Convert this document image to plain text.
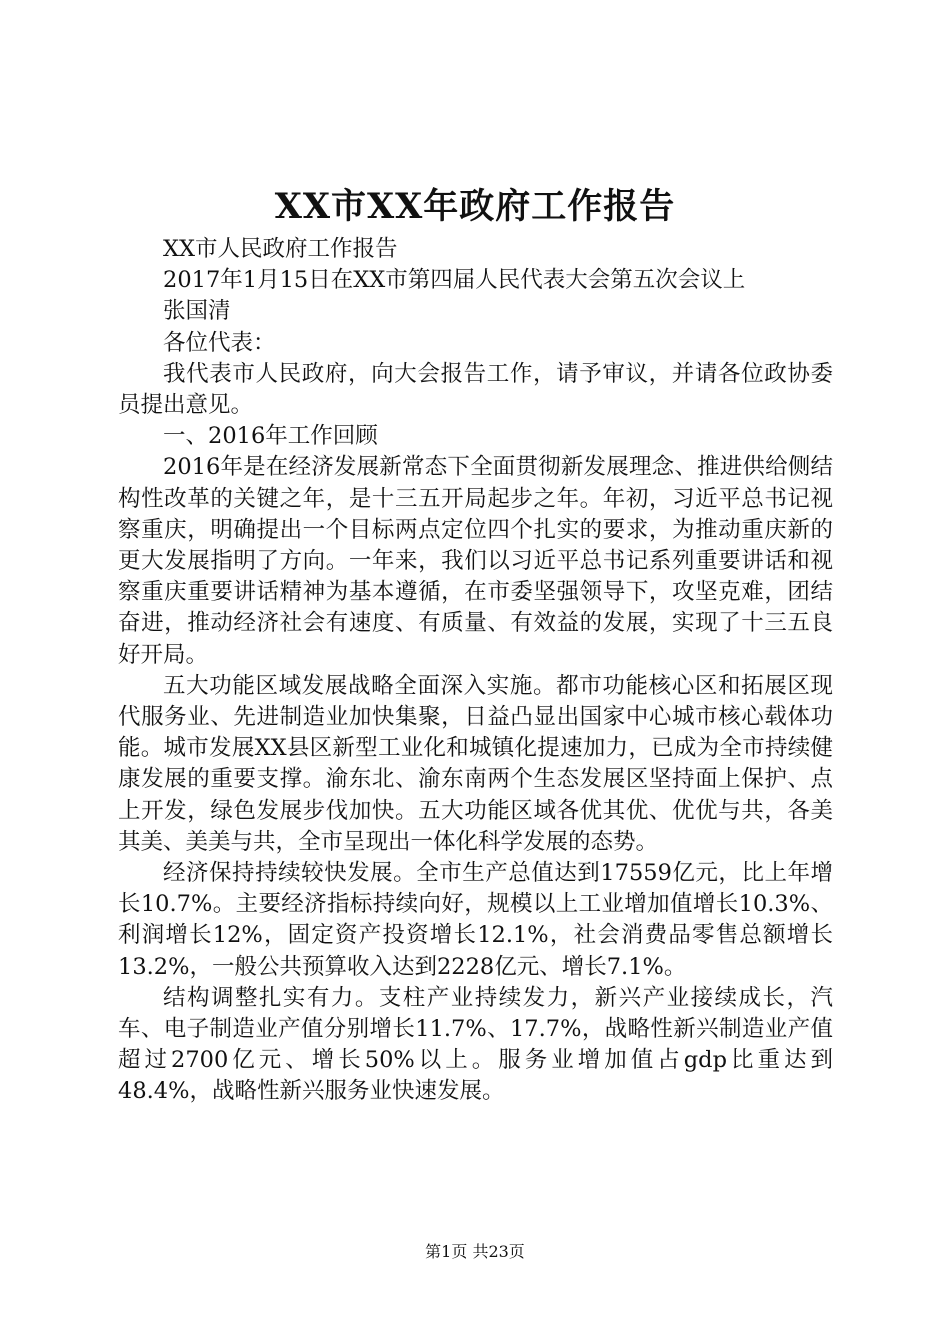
XX市XX年政府工作报告

XX市人民政府工作报告

2017年1月15日在XX市第四届人民代表大会第五次会议上

张国清

各位代表：

我代表市人民政府，向大会报告工作，请予审议，并请各位政协委员提出意见。

一、2016年工作回顾

2016年是在经济发展新常态下全面贯彻新发展理念、推进供给侧结构性改革的关键之年，是十三五开局起步之年。年初，习近平总书记视察重庆，明确提出一个目标两点定位四个扎实的要求，为推动重庆新的更大发展指明了方向。一年来，我们以习近平总书记系列重要讲话和视察重庆重要讲话精神为基本遵循，在市委坚强领导下，攻坚克难，团结奋进，推动经济社会有速度、有质量、有效益的发展，实现了十三五良好开局。

五大功能区域发展战略全面深入实施。都市功能核心区和拓展区现代服务业、先进制造业加快集聚，日益凸显出国家中心城市核心载体功能。城市发展XX县区新型工业化和城镇化提速加力，已成为全市持续健康发展的重要支撑。渝东北、渝东南两个生态发展区坚持面上保护、点上开发，绿色发展步伐加快。五大功能区域各优其优、优优与共，各美其美、美美与共，全市呈现出一体化科学发展的态势。

经济保持持续较快发展。全市生产总值达到17559亿元，比上年增长10.7%。主要经济指标持续向好，规模以上工业增加值增长10.3%、利润增长12%，固定资产投资增长12.1%，社会消费品零售总额增长13.2%，一般公共预算收入达到2228亿元、增长7.1%。

结构调整扎实有力。支柱产业持续发力，新兴产业接续成长，汽车、电子制造业产值分别增长11.7%、17.7%，战略性新兴制造业产值超过2700亿元、增长50%以上。服务业增加值占gdp比重达到48.4%，战略性新兴服务业快速发展。

第1页 共23页
